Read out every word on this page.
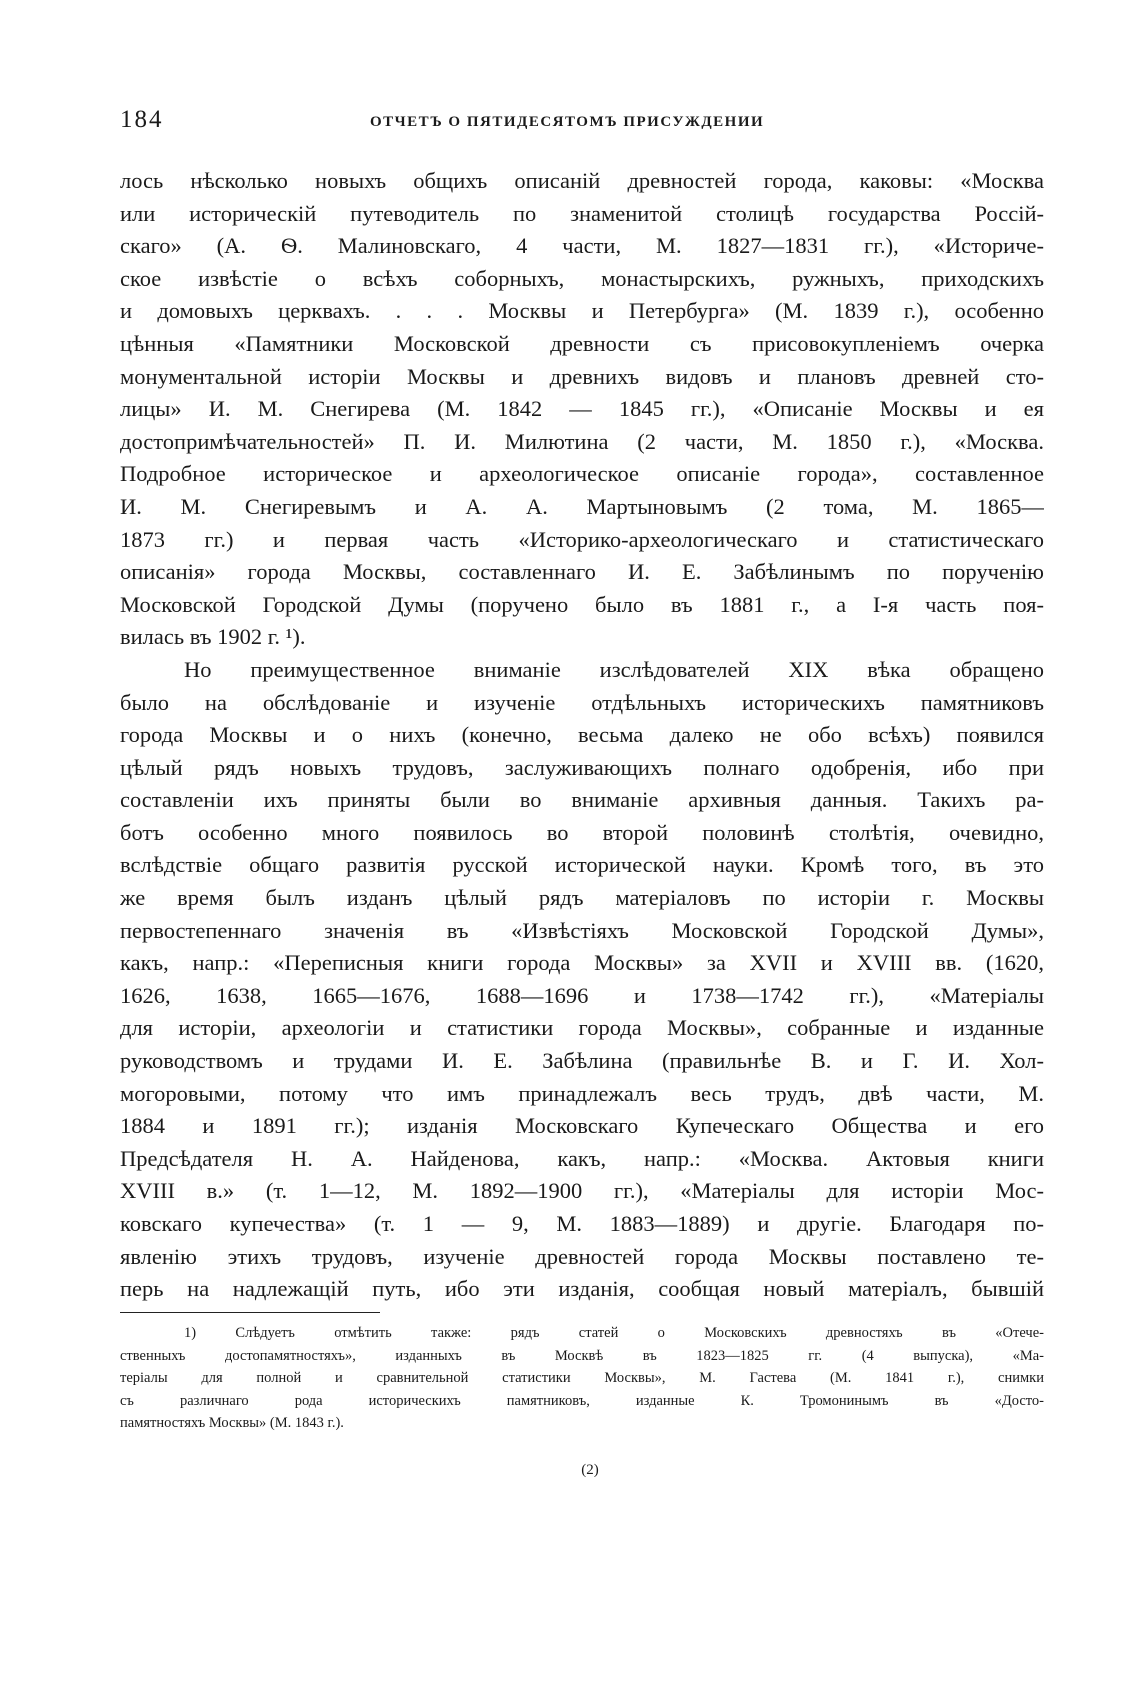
184	ОТЧЕТЪ О ПЯТИДЕСЯТОМЪ ПРИСУЖДЕНИИ
лось нѣсколько новыхъ общихъ описаній древностей города, каковы: «Москва
или историческій путеводитель по знаменитой столицѣ государства Россій-
скаго» (А. Ѳ. Малиновскаго, 4 части, М. 1827—1831 гг.), «Историче-
ское извѣстіе о всѣхъ соборныхъ, монастырскихъ, ружныхъ, приходскихъ
и домовыхъ церквахъ. . . . Москвы и Петербурга» (М. 1839 г.), особенно
цѣнныя «Памятники Московской древности съ присовокупленіемъ очерка
монументальной исторіи Москвы и древнихъ видовъ и плановъ древней сто-
лицы» И. М. Снегирева (М. 1842 — 1845 гг.), «Описаніе Москвы и ея
достопримѣчательностей» П. И. Милютина (2 части, М. 1850 г.), «Москва.
Подробное историческое и археологическое описаніе города», составленное
И. М. Снегиревымъ и А. А. Мартыновымъ (2 тома, М. 1865—
1873 гг.) и первая часть «Историко-археологическаго и статистическаго
описанія» города Москвы, составленнаго И. Е. Забѣлинымъ по порученію
Московской Городской Думы (поручено было въ 1881 г., а I-я часть поя-
вилась въ 1902 г. ¹).
Но преимущественное вниманіе изслѣдователей XIX вѣка обращено
было на обслѣдованіе и изученіе отдѣльныхъ историческихъ памятниковъ
города Москвы и о нихъ (конечно, весьма далеко не обо всѣхъ) появился
цѣлый рядъ новыхъ трудовъ, заслуживающихъ полнаго одобренія, ибо при
составленіи ихъ приняты были во вниманіе архивныя данныя. Такихъ ра-
ботъ особенно много появилось во второй половинѣ столѣтія, очевидно,
вслѣдствіе общаго развитія русской исторической науки. Кромѣ того, въ это
же время былъ изданъ цѣлый рядъ матеріаловъ по исторіи г. Москвы
первостепеннаго значенія въ «Извѣстіяхъ Московской Городской Думы»,
какъ, напр.: «Переписныя книги города Москвы» за XVII и XVIII вв. (1620,
1626, 1638, 1665—1676, 1688—1696 и 1738—1742 гг.), «Матеріалы
для исторіи, археологіи и статистики города Москвы», собранные и изданные
руководствомъ и трудами И. Е. Забѣлина (правильнѣе В. и Г. И. Хол-
могоровыми, потому что имъ принадлежалъ весь трудъ, двѣ части, М.
1884 и 1891 гг.); изданія Московскаго Купеческаго Общества и его
Предсѣдателя Н. А. Найденова, какъ, напр.: «Москва. Актовыя книги
XVIII в.» (т. 1—12, М. 1892—1900 гг.), «Матеріалы для исторіи Мос-
ковскаго купечества» (т. 1 — 9, М. 1883—1889) и другіе. Благодаря по-
явленію этихъ трудовъ, изученіе древностей города Москвы поставлено те-
перь на надлежащій путь, ибо эти изданія, сообщая новый матеріалъ, бывшій
1) Слѣдуетъ отмѣтить также: рядъ статей о Московскихъ древностяхъ въ «Отече-
ственныхъ достопамятностяхъ», изданныхъ въ Москвѣ въ 1823—1825 гг. (4 выпуска), «Ма-
теріалы для полной и сравнительной статистики Москвы», М. Гастева (М. 1841 г.), снимки
съ различнаго рода историческихъ памятниковъ, изданные К. Тромонинымъ въ «Досто-
памятностяхъ Москвы» (М. 1843 г.).
(2)
